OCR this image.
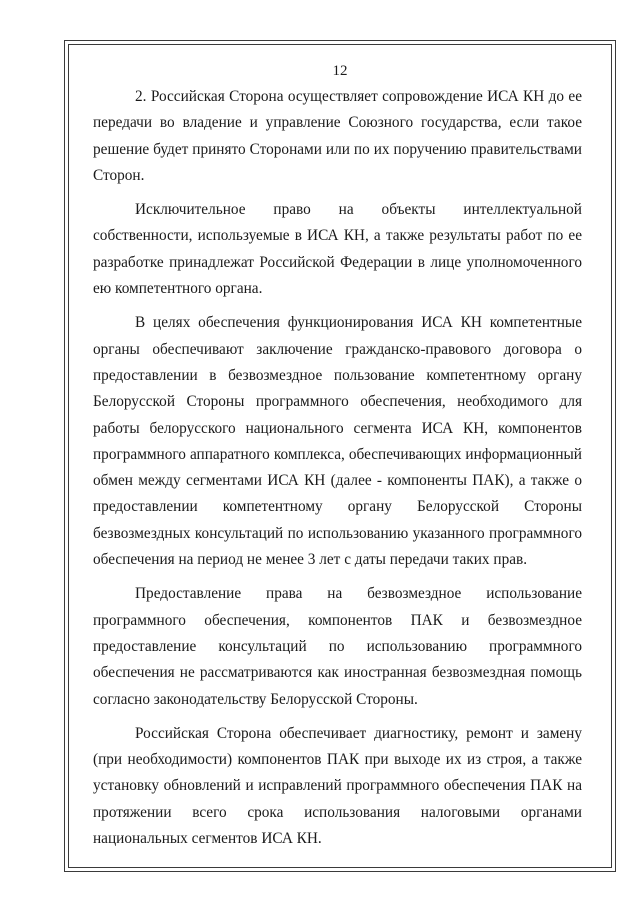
12

2. Российская Сторона осуществляет сопровождение ИСА КН до ее передачи во владение и управление Союзного государства, если такое решение будет принято Сторонами или по их поручению правительствами Сторон.

Исключительное право на объекты интеллектуальной собственности, используемые в ИСА КН, а также результаты работ по ее разработке принадлежат Российской Федерации в лице уполномоченного ею компетентного органа.

В целях обеспечения функционирования ИСА КН компетентные органы обеспечивают заключение гражданско-правового договора о предоставлении в безвозмездное пользование компетентному органу Белорусской Стороны программного обеспечения, необходимого для работы белорусского национального сегмента ИСА КН, компонентов программного аппаратного комплекса, обеспечивающих информационный обмен между сегментами ИСА КН (далее - компоненты ПАК), а также о предоставлении компетентному органу Белорусской Стороны безвозмездных консультаций по использованию указанного программного обеспечения на период не менее 3 лет с даты передачи таких прав.

Предоставление права на безвозмездное использование программного обеспечения, компонентов ПАК и безвозмездное предоставление консультаций по использованию программного обеспечения не рассматриваются как иностранная безвозмездная помощь согласно законодательству Белорусской Стороны.

Российская Сторона обеспечивает диагностику, ремонт и замену (при необходимости) компонентов ПАК при выходе их из строя, а также установку обновлений и исправлений программного обеспечения ПАК на протяжении всего срока использования налоговыми органами национальных сегментов ИСА КН.
